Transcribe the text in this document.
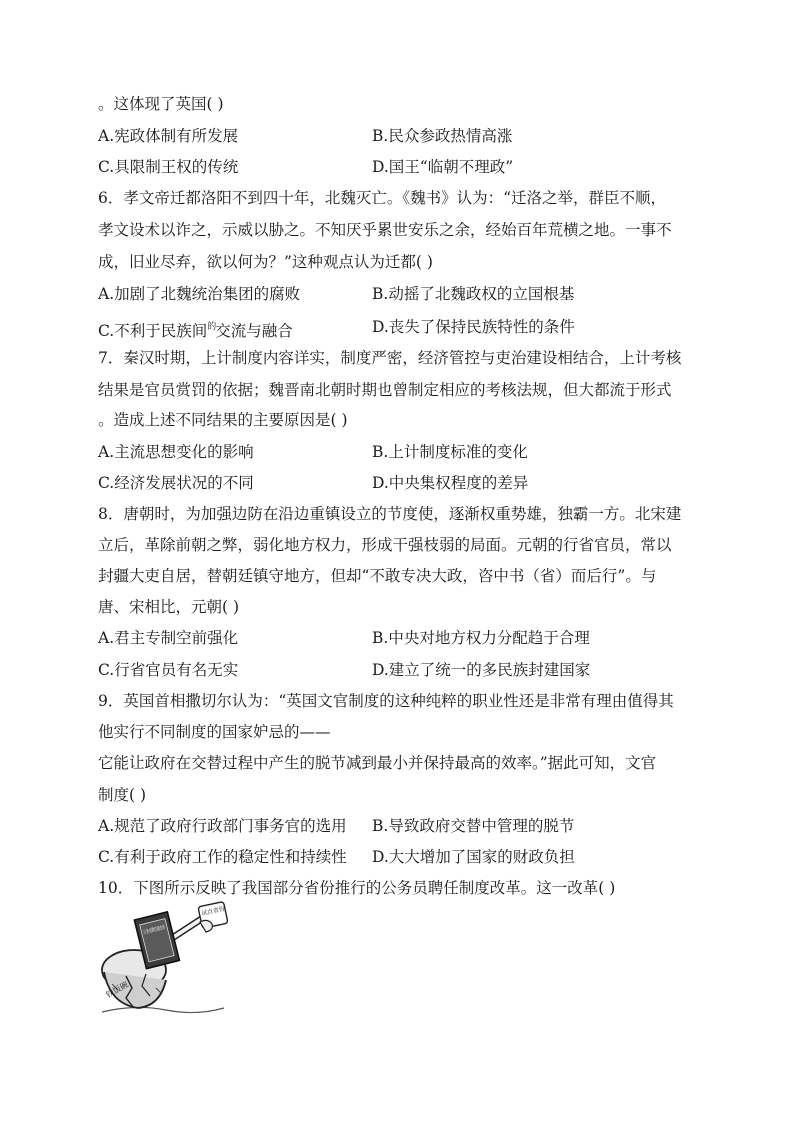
。这体现了英国( )
A.宪政体制有所发展	B.民众参政热情高涨
C.具限制王权的传统	D.国王“临朝不理政”
6．孝文帝迁都洛阳不到四十年，北魏灭亡。《魏书》认为：“迁洛之举，群臣不顺，
孝文设术以诈之，示威以胁之。不知厌乎累世安乐之余，经始百年荒横之地。一事不
成，旧业尽弃，欲以何为？”这种观点认为迁都( )
A.加剧了北魏统治集团的腐败	B.动摇了北魏政权的立国根基
C.不利于民族间$^的$交流与融合	D.丧失了保持民族特性的条件
7．秦汉时期，上计制度内容详实，制度严密，经济管控与吏治建设相结合，上计考核
结果是官员赏罚的依据；魏晋南北朝时期也曾制定相应的考核法规，但大都流于形式
。造成上述不同结果的主要原因是( )
A.主流思想变化的影响	B.上计制度标准的变化
C.经济发展状况的不同	D.中央集权程度的差异
8．唐朝时，为加强边防在沿边重镇设立的节度使，逐渐权重势雄，独霸一方。北宋建
立后，革除前朝之弊，弱化地方权力，形成干强枝弱的局面。元朝的行省官员，常以
封疆大吏自居，替朝廷镇守地方，但却“不敢专决大政，咨中书（省）而后行”。与
唐、宋相比，元朝( )
A.君主专制空前强化	B.中央对地方权力分配趋于合理
C.行省官员有名无实	D.建立了统一的多民族封建国家
9．英国首相撒切尔认为：“英国文官制度的这种纯粹的职业性还是非常有理由值得其
他实行不同制度的国家妒忌的——
它能让政府在交替过程中产生的脱节减到最小并保持最高的效率。”据此可知，文官
制度( )
A.规范了政府行政部门事务官的选用 B.导致政府交替中管理的脱节
C.有利于政府工作的稳定性和持续性 D.大大增加了国家的财政负担
10．下图所示反映了我国部分省份推行的公务员聘任制度改革。这一改革( )
铁饭碗
试点省份
